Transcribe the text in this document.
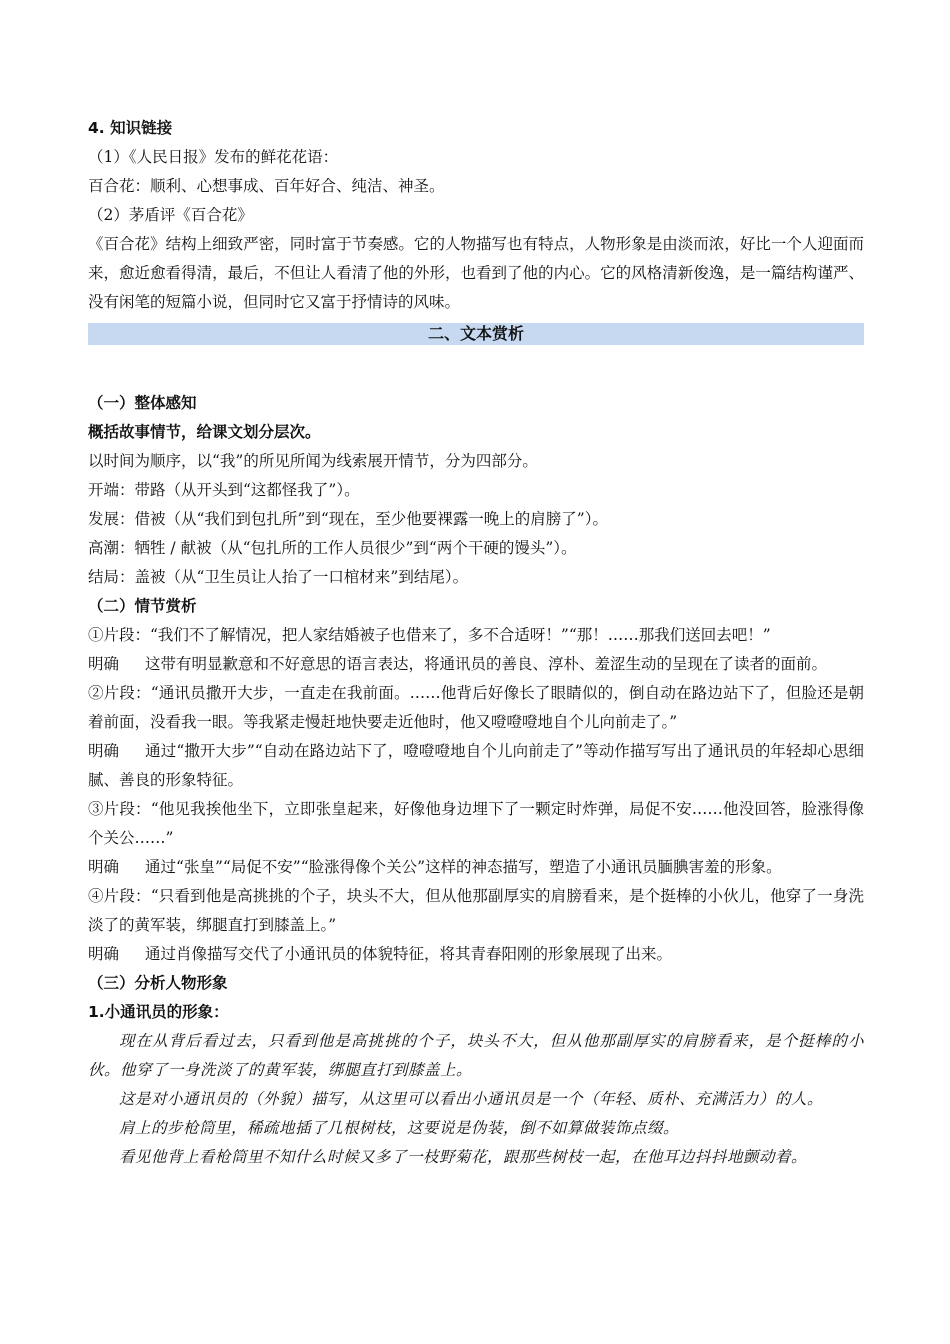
4. 知识链接

（1）《人民日报》发布的鲜花花语：

百合花：顺利、心想事成、百年好合、纯洁、神圣。

（2）茅盾评《百合花》

《百合花》结构上细致严密，同时富于节奏感。它的人物描写也有特点，人物形象是由淡而浓，好比一个人迎面而来，愈近愈看得清，最后，不但让人看清了他的外形，也看到了他的内心。它的风格清新俊逸，是一篇结构谨严、没有闲笔的短篇小说，但同时它又富于抒情诗的风味。

二、文本赏析

（一）整体感知

概括故事情节，给课文划分层次。

以时间为顺序，以“我”的所见所闻为线索展开情节，分为四部分。

开端：带路（从开头到“这都怪我了”）。

发展：借被（从“我们到包扎所”到“现在，至少他要裸露一晚上的肩膀了”）。

高潮：牺牲 / 献被（从“包扎所的工作人员很少”到“两个干硬的馒头”）。

结局：盖被（从“卫生员让人抬了一口棺材来”到结尾）。

（二）情节赏析

①片段：“我们不了解情况，把人家结婚被子也借来了，多不合适呀！”“那！……那我们送回去吧！”

明确 这带有明显歉意和不好意思的语言表达，将通讯员的善良、淳朴、羞涩生动的呈现在了读者的面前。

②片段：“通讯员撒开大步，一直走在我前面。……他背后好像长了眼睛似的，倒自动在路边站下了，但脸还是朝着前面，没看我一眼。等我紧走慢赶地快要走近他时，他又噔噔噔地自个儿向前走了。”

明确 通过“撒开大步”“自动在路边站下了，噔噔噔地自个儿向前走了”等动作描写写出了通讯员的年轻却心思细腻、善良的形象特征。

③片段：“他见我挨他坐下，立即张皇起来，好像他身边埋下了一颗定时炸弹，局促不安……他没回答，脸涨得像个关公……”

明确 通过“张皇”“局促不安”“脸涨得像个关公”这样的神态描写，塑造了小通讯员腼腆害羞的形象。

④片段：“只看到他是高挑挑的个子，块头不大，但从他那副厚实的肩膀看来，是个挺棒的小伙儿，他穿了一身洗淡了的黄军装，绑腿直打到膝盖上。”

明确 通过肖像描写交代了小通讯员的体貌特征，将其青春阳刚的形象展现了出来。

（三）分析人物形象

1.小通讯员的形象：

现在从背后看过去，只看到他是高挑挑的个子，块头不大，但从他那副厚实的肩膀看来，是个挺棒的小伙。他穿了一身洗淡了的黄军装，绑腿直打到膝盖上。

这是对小通讯员的（外貌）描写，从这里可以看出小通讯员是一个（年轻、质朴、充满活力）的人。

肩上的步枪筒里，稀疏地插了几根树枝，这要说是伪装，倒不如算做装饰点缀。

看见他背上看枪筒里不知什么时候又多了一枝野菊花，跟那些树枝一起，在他耳边抖抖地颤动着。
